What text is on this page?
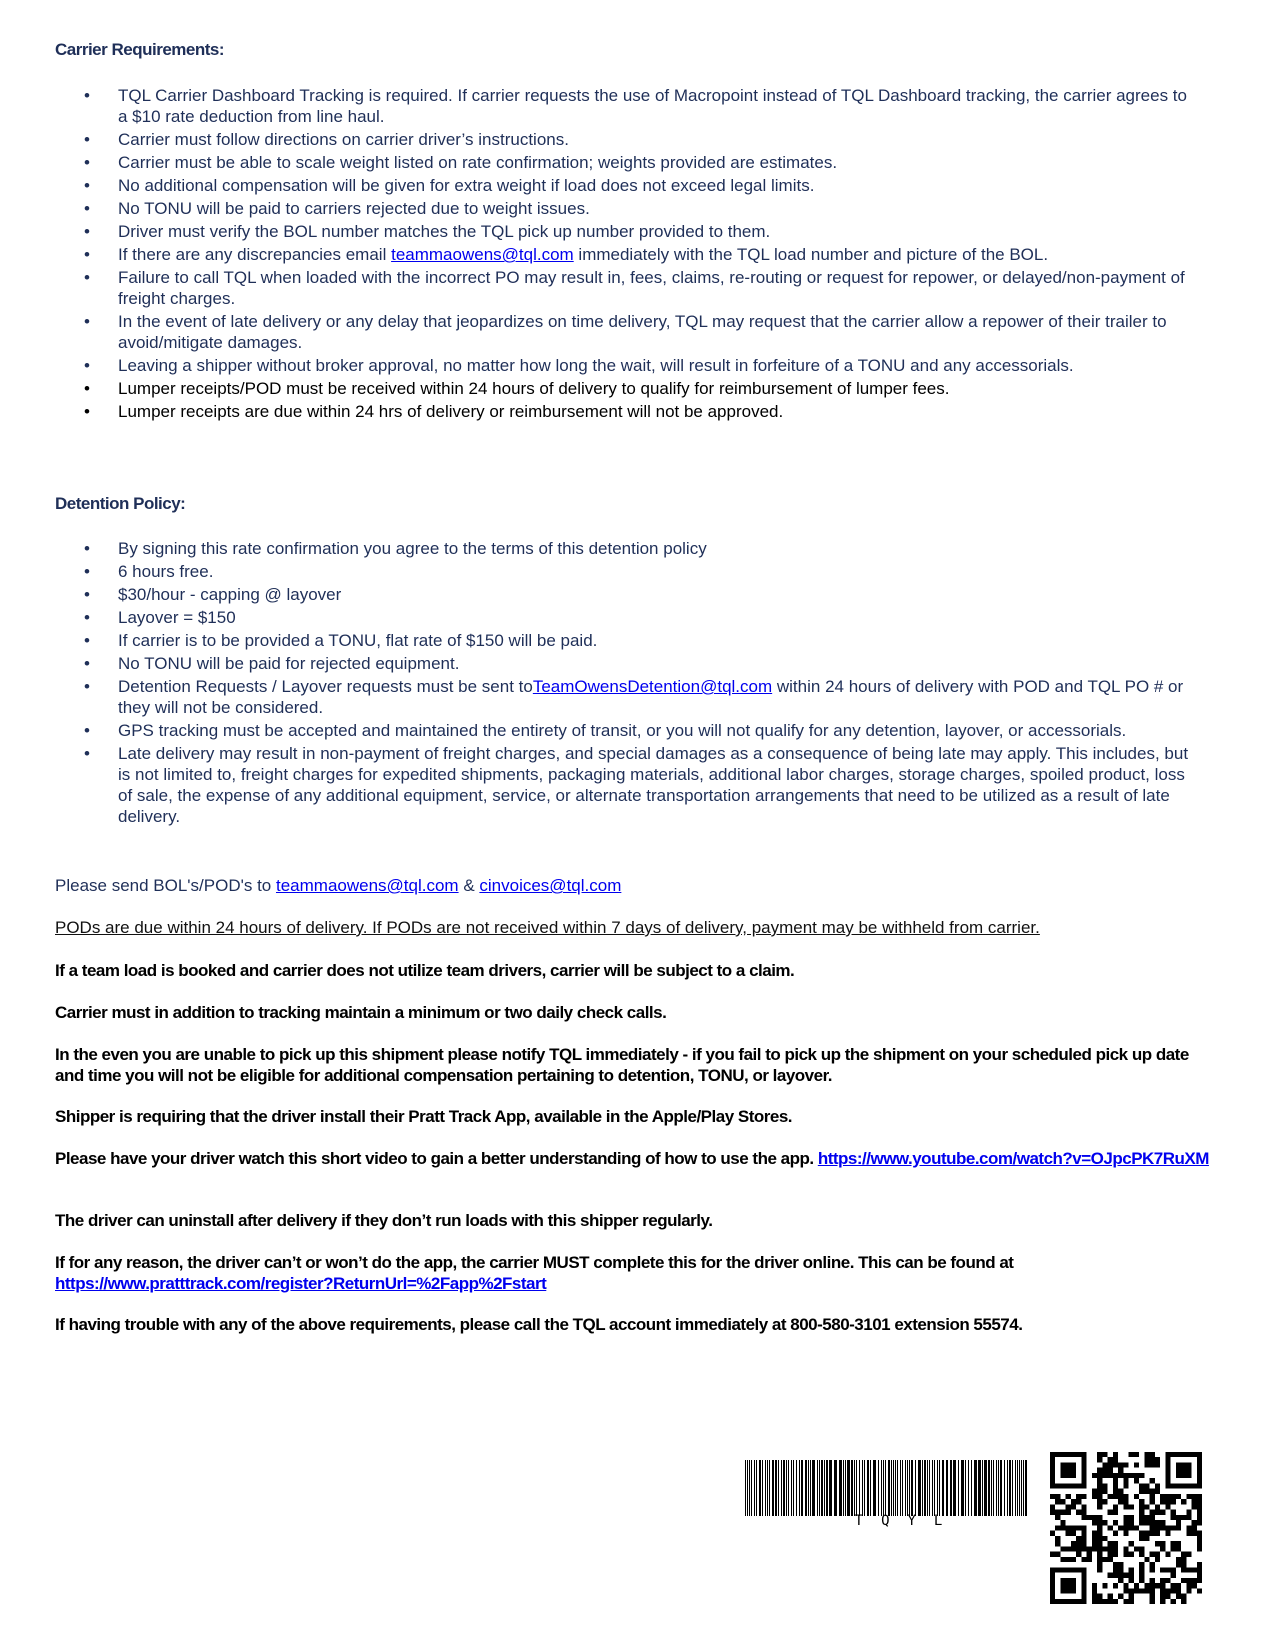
Carrier Requirements:
• TQL Carrier Dashboard Tracking is required. If carrier requests the use of Macropoint instead of TQL Dashboard tracking, the carrier agrees to a $10 rate deduction from line haul.
• Carrier must follow directions on carrier driver’s instructions.
• Carrier must be able to scale weight listed on rate confirmation; weights provided are estimates.
• No additional compensation will be given for extra weight if load does not exceed legal limits.
• No TONU will be paid to carriers rejected due to weight issues.
• Driver must verify the BOL number matches the TQL pick up number provided to them.
• If there are any discrepancies email teammaowens@tql.com immediately with the TQL load number and picture of the BOL.
• Failure to call TQL when loaded with the incorrect PO may result in, fees, claims, re-routing or request for repower, or delayed/non-payment of freight charges.
• In the event of late delivery or any delay that jeopardizes on time delivery, TQL may request that the carrier allow a repower of their trailer to avoid/mitigate damages.
• Leaving a shipper without broker approval, no matter how long the wait, will result in forfeiture of a TONU and any accessorials.
• Lumper receipts/POD must be received within 24 hours of delivery to qualify for reimbursement of lumper fees.
• Lumper receipts are due within 24 hrs of delivery or reimbursement will not be approved.
Detention Policy:
• By signing this rate confirmation you agree to the terms of this detention policy
• 6 hours free.
• $30/hour - capping @ layover
• Layover = $150
• If carrier is to be provided a TONU, flat rate of $150 will be paid.
• No TONU will be paid for rejected equipment.
• Detention Requests / Layover requests must be sent toTeamOwensDetention@tql.com within 24 hours of delivery with POD and TQL PO # or they will not be considered.
• GPS tracking must be accepted and maintained the entirety of transit, or you will not qualify for any detention, layover, or accessorials.
• Late delivery may result in non-payment of freight charges, and special damages as a consequence of being late may apply. This includes, but is not limited to, freight charges for expedited shipments, packaging materials, additional labor charges, storage charges, spoiled product, loss of sale, the expense of any additional equipment, service, or alternate transportation arrangements that need to be utilized as a result of late delivery.

Please send BOL's/POD's to teammaowens@tql.com & cinvoices@tql.com

PODs are due within 24 hours of delivery. If PODs are not received within 7 days of delivery, payment may be withheld from carrier.

If a team load is booked and carrier does not utilize team drivers, carrier will be subject to a claim.

Carrier must in addition to tracking maintain a minimum or two daily check calls.

In the even you are unable to pick up this shipment please notify TQL immediately - if you fail to pick up the shipment on your scheduled pick up date and time you will not be eligible for additional compensation pertaining to detention, TONU, or layover.

Shipper is requiring that the driver install their Pratt Track App, available in the Apple/Play Stores.

Please have your driver watch this short video to gain a better understanding of how to use the app. https://www.youtube.com/watch?v=OJpcPK7RuXM

The driver can uninstall after delivery if they don’t run loads with this shipper regularly.

If for any reason, the driver can’t or won’t do the app, the carrier MUST complete this for the driver online. This can be found at https://www.pratttrack.com/register?ReturnUrl=%2Fapp%2Fstart

If having trouble with any of the above requirements, please call the TQL account immediately at 800-580-3101 extension 55574.

TQYL
